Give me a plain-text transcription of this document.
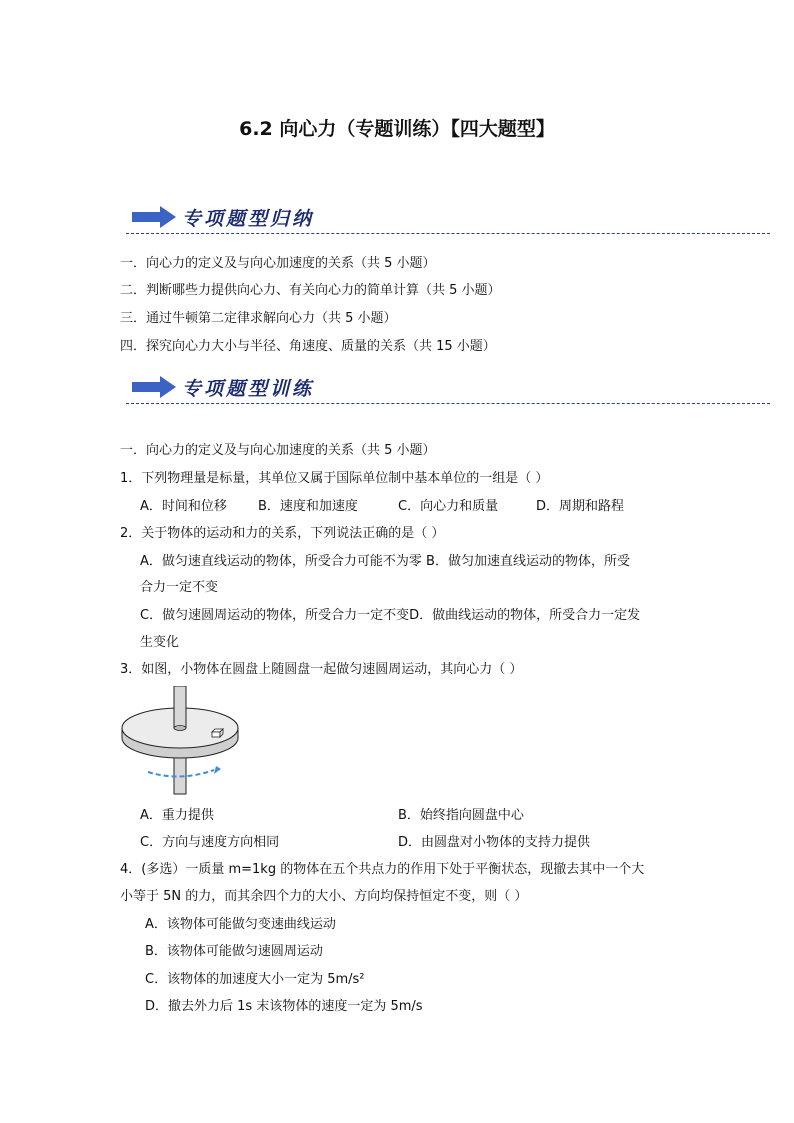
6.2 向心力（专题训练）【四大题型】
专项题型归纳
一．向心力的定义及与向心加速度的关系（共 5 小题）
二．判断哪些力提供向心力、有关向心力的简单计算（共 5 小题）
三．通过牛顿第二定律求解向心力（共 5 小题）
四．探究向心力大小与半径、角速度、质量的关系（共 15 小题）
专项题型训练
一．向心力的定义及与向心加速度的关系（共 5 小题）
1．下列物理量是标量，其单位又属于国际单位制中基本单位的一组是（ ）
A．时间和位移 B．速度和加速度	C．向心力和质量	D．周期和路程
2．关于物体的运动和力的关系，下列说法正确的是（ ）
A．做匀速直线运动的物体，所受合力可能不为零 B．做匀加速直线运动的物体，所受
合力一定不变
C．做匀速圆周运动的物体，所受合力一定不变D．做曲线运动的物体，所受合力一定发
生变化
3．如图，小物体在圆盘上随圆盘一起做匀速圆周运动，其向心力（ ）
A．重力提供	B．始终指向圆盘中心
C．方向与速度方向相同	D．由圆盘对小物体的支持力提供
4．(多选）一质量 m=1kg 的物体在五个共点力的作用下处于平衡状态，现撤去其中一个大
小等于 5N 的力，而其余四个力的大小、方向均保持恒定不变，则（ ）
A．该物体可能做匀变速曲线运动
B．该物体可能做匀速圆周运动
C．该物体的加速度大小一定为 5m/s²
D．撤去外力后 1s 末该物体的速度一定为 5m/s
